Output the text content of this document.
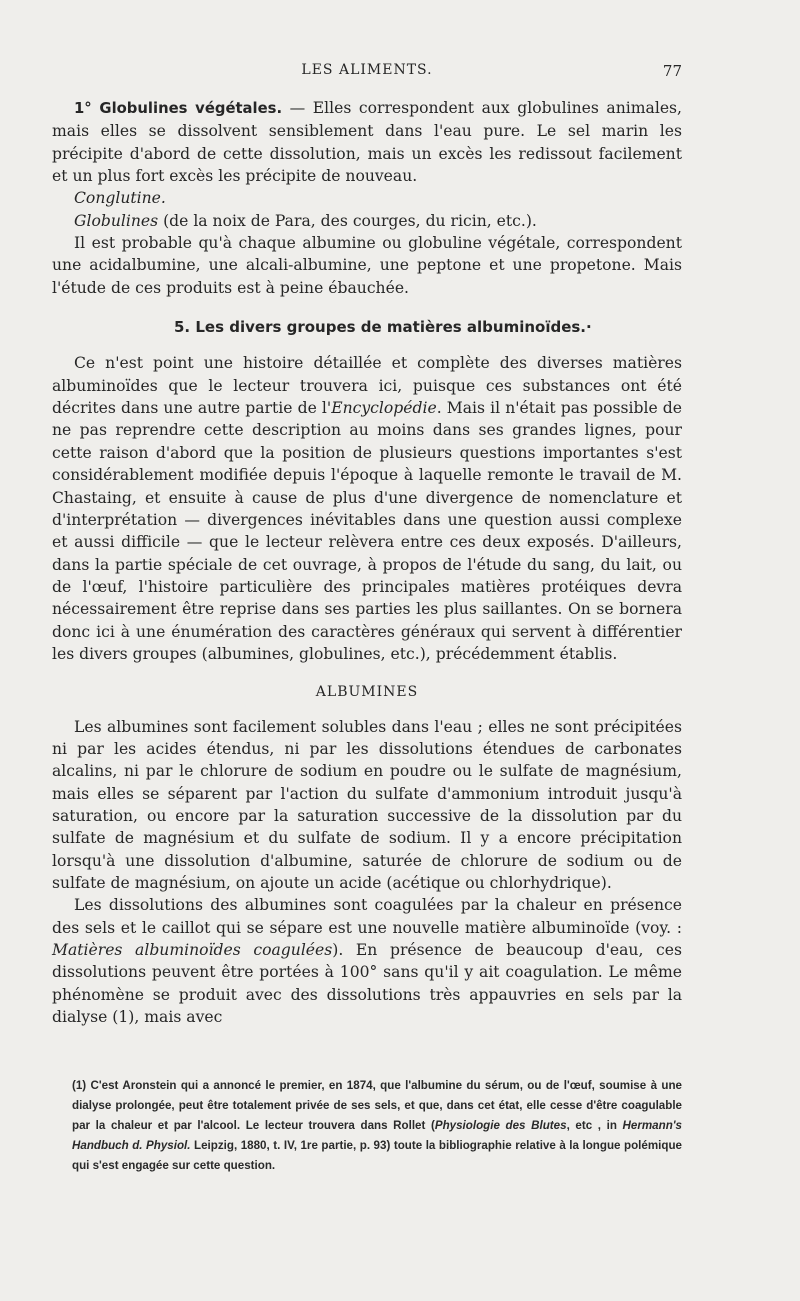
LES ALIMENTS.	77

1° Globulines végétales. — Elles correspondent aux globulines animales, mais elles se dissolvent sensiblement dans l'eau pure. Le sel marin les précipite d'abord de cette dissolution, mais un excès les redissout facilement et un plus fort excès les précipite de nouveau.

Conglutine.

Globulines (de la noix de Para, des courges, du ricin, etc.).

Il est probable qu'à chaque albumine ou globuline végétale, correspondent une acidalbumine, une alcali-albumine, une peptone et une propetone. Mais l'étude de ces produits est à peine ébauchée.

5. Les divers groupes de matières albuminoïdes.·

Ce n'est point une histoire détaillée et complète des diverses matières albuminoïdes que le lecteur trouvera ici, puisque ces substances ont été décrites dans une autre partie de l'Encyclopédie. Mais il n'était pas possible de ne pas reprendre cette description au moins dans ses grandes lignes, pour cette raison d'abord que la position de plusieurs questions importantes s'est considérablement modifiée depuis l'époque à laquelle remonte le travail de M. Chastaing, et ensuite à cause de plus d'une divergence de nomenclature et d'interprétation — divergences inévitables dans une question aussi complexe et aussi difficile — que le lecteur relèvera entre ces deux exposés. D'ailleurs, dans la partie spéciale de cet ouvrage, à propos de l'étude du sang, du lait, ou de l'œuf, l'histoire particulière des principales matières protéiques devra nécessairement être reprise dans ses parties les plus saillantes. On se bornera donc ici à une énumération des caractères généraux qui servent à différentier les divers groupes (albumines, globulines, etc.), précédemment établis.

ALBUMINES

Les albumines sont facilement solubles dans l'eau ; elles ne sont précipitées ni par les acides étendus, ni par les dissolutions étendues de carbonates alcalins, ni par le chlorure de sodium en poudre ou le sulfate de magnésium, mais elles se séparent par l'action du sulfate d'ammonium introduit jusqu'à saturation, ou encore par la saturation successive de la dissolution par du sulfate de magnésium et du sulfate de sodium. Il y a encore précipitation lorsqu'à une dissolution d'albumine, saturée de chlorure de sodium ou de sulfate de magnésium, on ajoute un acide (acétique ou chlorhydrique).

Les dissolutions des albumines sont coagulées par la chaleur en présence des sels et le caillot qui se sépare est une nouvelle matière albuminoïde (voy. : Matières albuminoïdes coagulées). En présence de beaucoup d'eau, ces dissolutions peuvent être portées à 100° sans qu'il y ait coagulation. Le même phénomène se produit avec des dissolutions très appauvries en sels par la dialyse (1), mais avec

(1) C'est Aronstein qui a annoncé le premier, en 1874, que l'albumine du sérum, ou de l'œuf, soumise à une dialyse prolongée, peut être totalement privée de ses sels, et que, dans cet état, elle cesse d'être coagulable par la chaleur et par l'alcool. Le lecteur trouvera dans Rollet (Physiologie des Blutes, etc , in Hermann's Handbuch d. Physiol. Leipzig, 1880, t. IV, 1re partie, p. 93) toute la bibliographie relative à la longue polémique qui s'est engagée sur cette question.
